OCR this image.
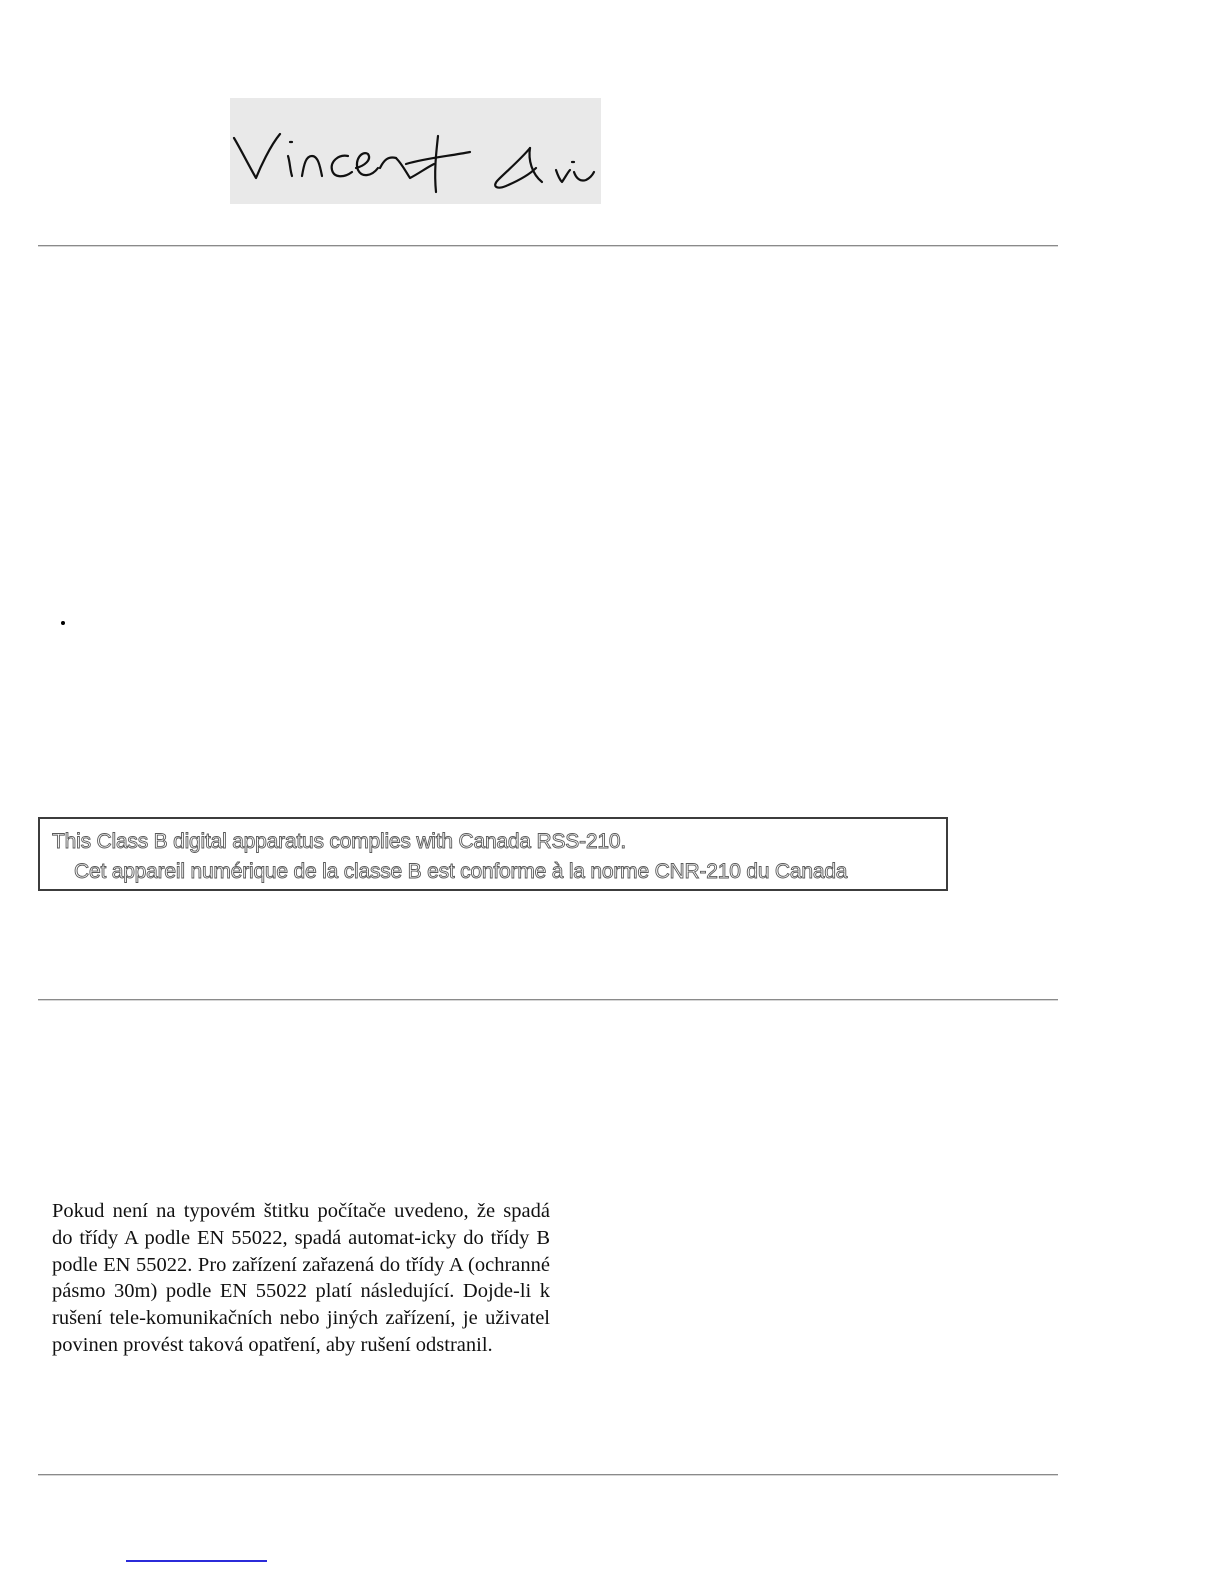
This Class B digital apparatus complies with Canada RSS-210.
Cet appareil numérique de la classe B est conforme à la norme CNR-210 du Canada
Pokud není na typovém štitku počítače uvedeno, že spadá do třídy A podle EN 55022, spadá automat-icky do třídy B podle EN 55022. Pro zařízení zařazená do třídy A (ochranné pásmo 30m) podle EN 55022 platí následující. Dojde-li k rušení tele-komunikačních nebo jiných zařízení, je uživatel povinen provést taková opatření, aby rušení odstranil.
